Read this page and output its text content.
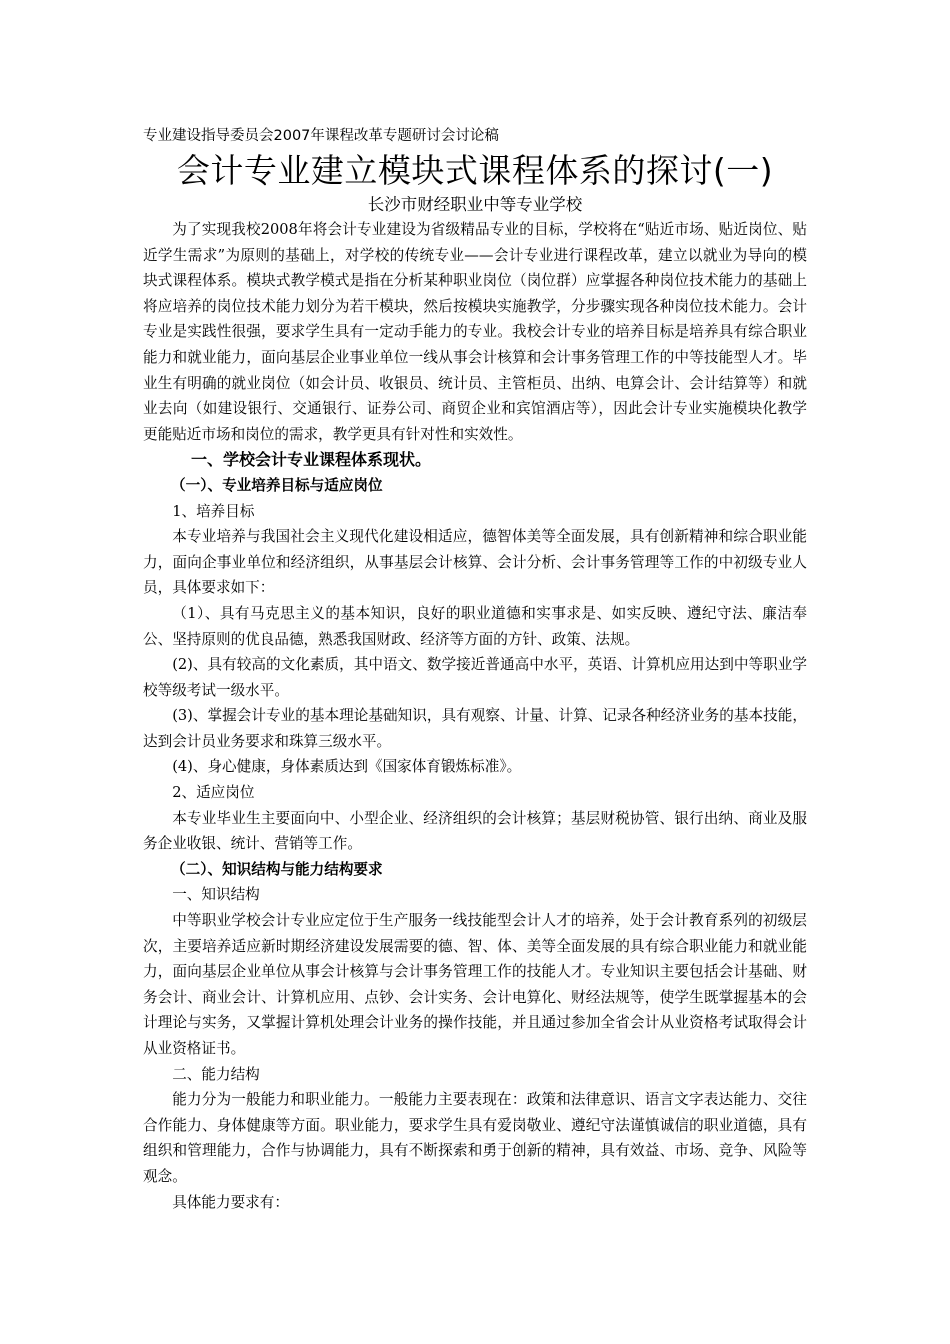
专业建设指导委员会2007年课程改革专题研讨会讨论稿

会计专业建立模块式课程体系的探讨(一)

长沙市财经职业中等专业学校

为了实现我校2008年将会计专业建设为省级精品专业的目标，学校将在“贴近市场、贴近岗位、贴近学生需求”为原则的基础上，对学校的传统专业——会计专业进行课程改革，建立以就业为导向的模块式课程体系。模块式教学模式是指在分析某种职业岗位（岗位群）应掌握各种岗位技术能力的基础上将应培养的岗位技术能力划分为若干模块，然后按模块实施教学，分步骤实现各种岗位技术能力。会计专业是实践性很强，要求学生具有一定动手能力的专业。我校会计专业的培养目标是培养具有综合职业能力和就业能力，面向基层企业事业单位一线从事会计核算和会计事务管理工作的中等技能型人才。毕业生有明确的就业岗位（如会计员、收银员、统计员、主管柜员、出纳、电算会计、会计结算等）和就业去向（如建设银行、交通银行、证券公司、商贸企业和宾馆酒店等），因此会计专业实施模块化教学更能贴近市场和岗位的需求，教学更具有针对性和实效性。

一、学校会计专业课程体系现状。
（一）、专业培养目标与适应岗位

1、培养目标

本专业培养与我国社会主义现代化建设相适应，德智体美等全面发展，具有创新精神和综合职业能力，面向企事业单位和经济组织，从事基层会计核算、会计分析、会计事务管理等工作的中初级专业人员，具体要求如下：

（1）、具有马克思主义的基本知识，良好的职业道德和实事求是、如实反映、遵纪守法、廉洁奉公、坚持原则的优良品德，熟悉我国财政、经济等方面的方针、政策、法规。

(2)、具有较高的文化素质，其中语文、数学接近普通高中水平，英语、计算机应用达到中等职业学校等级考试一级水平。

(3)、掌握会计专业的基本理论基础知识，具有观察、计量、计算、记录各种经济业务的基本技能，达到会计员业务要求和珠算三级水平。

(4)、身心健康，身体素质达到《国家体育锻炼标准》。

2、适应岗位

本专业毕业生主要面向中、小型企业、经济组织的会计核算；基层财税协管、银行出纳、商业及服务企业收银、统计、营销等工作。

（二）、知识结构与能力结构要求

一、知识结构

中等职业学校会计专业应定位于生产服务一线技能型会计人才的培养，处于会计教育系列的初级层次，主要培养适应新时期经济建设发展需要的德、智、体、美等全面发展的具有综合职业能力和就业能力，面向基层企业单位从事会计核算与会计事务管理工作的技能人才。专业知识主要包括会计基础、财务会计、商业会计、计算机应用、点钞、会计实务、会计电算化、财经法规等，使学生既掌握基本的会计理论与实务，又掌握计算机处理会计业务的操作技能，并且通过参加全省会计从业资格考试取得会计从业资格证书。

二、能力结构

能力分为一般能力和职业能力。一般能力主要表现在：政策和法律意识、语言文字表达能力、交往合作能力、身体健康等方面。职业能力，要求学生具有爱岗敬业、遵纪守法谨慎诚信的职业道德，具有组织和管理能力，合作与协调能力，具有不断探索和勇于创新的精神，具有效益、市场、竞争、风险等观念。

具体能力要求有：
